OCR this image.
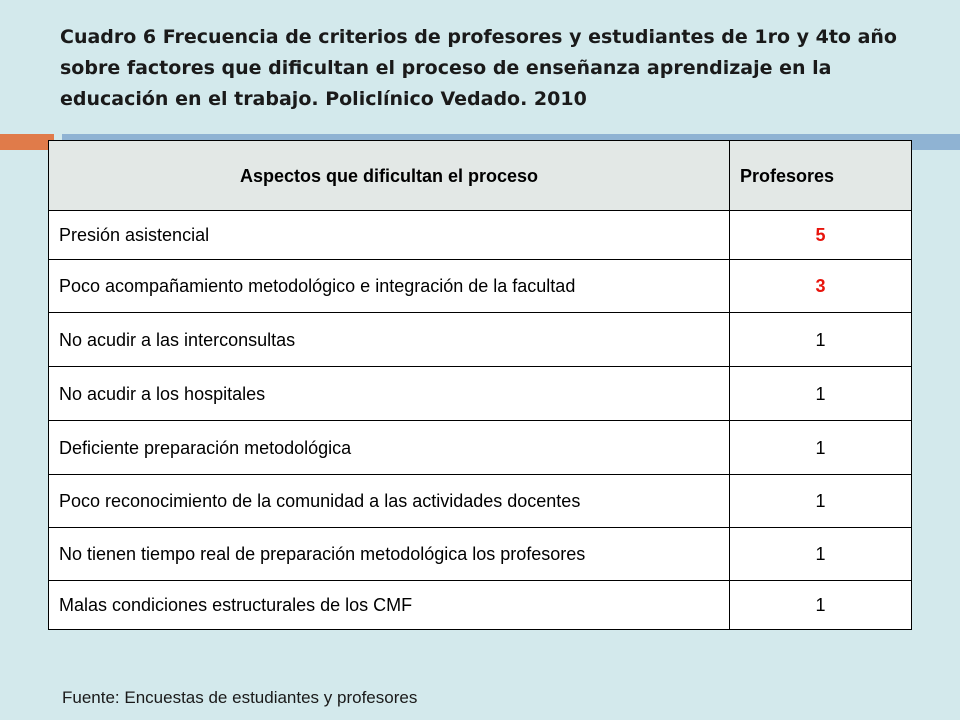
Cuadro 6 Frecuencia de criterios de profesores y estudiantes de 1ro y 4to año sobre factores que dificultan el proceso de enseñanza aprendizaje en la educación en el trabajo. Policlínico Vedado. 2010
Aspectos que dificultan el proceso	Profesores
Presión asistencial	5
Poco acompañamiento metodológico e integración de la facultad	3
No acudir a las interconsultas	1
No acudir a los hospitales	1
Deficiente preparación metodológica	1
Poco reconocimiento de la comunidad a las actividades docentes	1
No tienen tiempo real de preparación metodológica los profesores	1
Malas condiciones estructurales de los CMF	1

Fuente: Encuestas de estudiantes y profesores
